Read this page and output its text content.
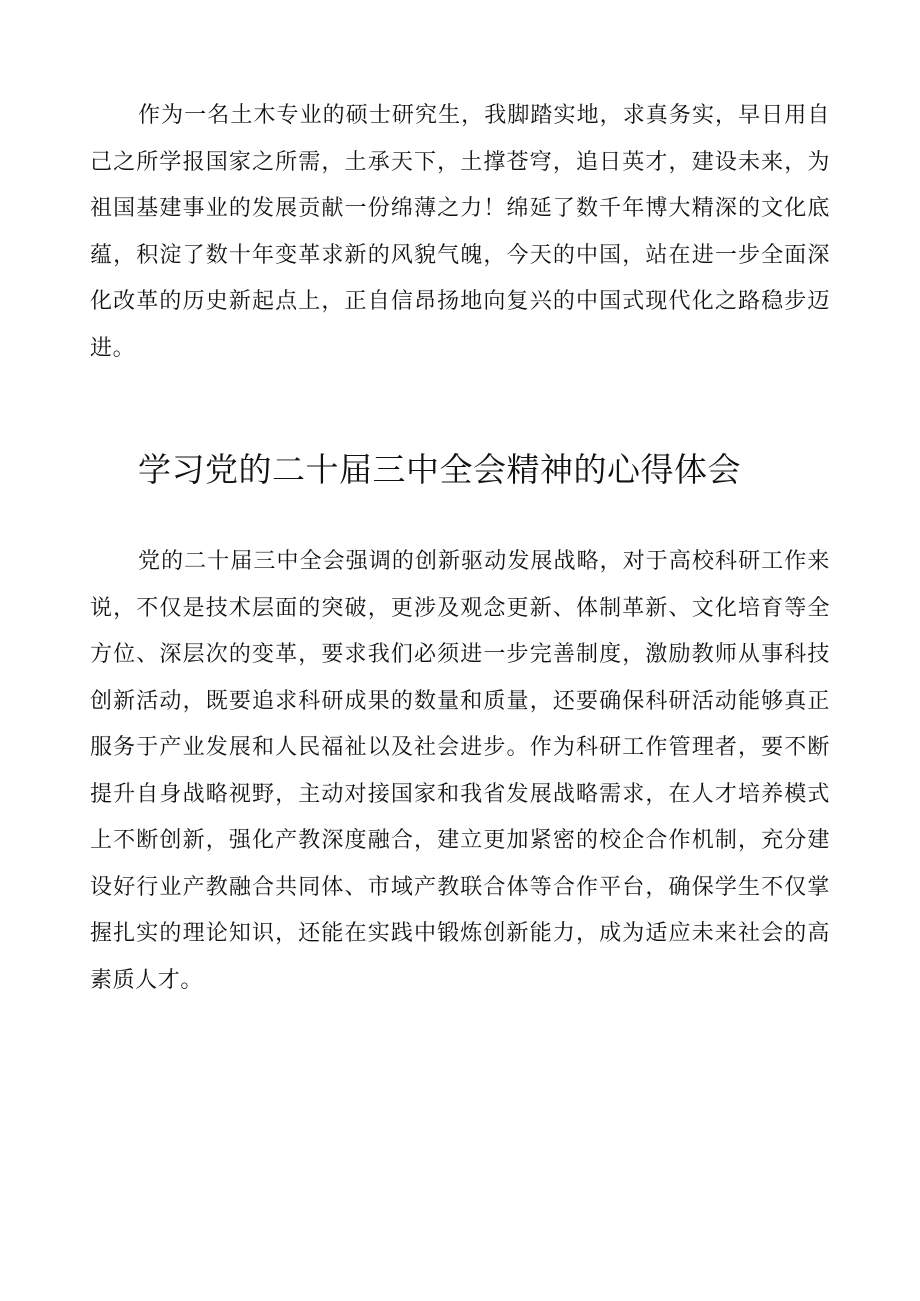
作为一名土木专业的硕士研究生，我脚踏实地，求真务实，早日用自己之所学报国家之所需，土承天下，土撑苍穹，追日英才，建设未来，为祖国基建事业的发展贡献一份绵薄之力！绵延了数千年博大精深的文化底蕴，积淀了数十年变革求新的风貌气魄，今天的中国，站在进一步全面深化改革的历史新起点上，正自信昂扬地向复兴的中国式现代化之路稳步迈进。

学习党的二十届三中全会精神的心得体会

党的二十届三中全会强调的创新驱动发展战略，对于高校科研工作来说，不仅是技术层面的突破，更涉及观念更新、体制革新、文化培育等全方位、深层次的变革，要求我们必须进一步完善制度，激励教师从事科技创新活动，既要追求科研成果的数量和质量，还要确保科研活动能够真正服务于产业发展和人民福祉以及社会进步。作为科研工作管理者，要不断提升自身战略视野，主动对接国家和我省发展战略需求，在人才培养模式上不断创新，强化产教深度融合，建立更加紧密的校企合作机制，充分建设好行业产教融合共同体、市域产教联合体等合作平台，确保学生不仅掌握扎实的理论知识，还能在实践中锻炼创新能力，成为适应未来社会的高素质人才。
